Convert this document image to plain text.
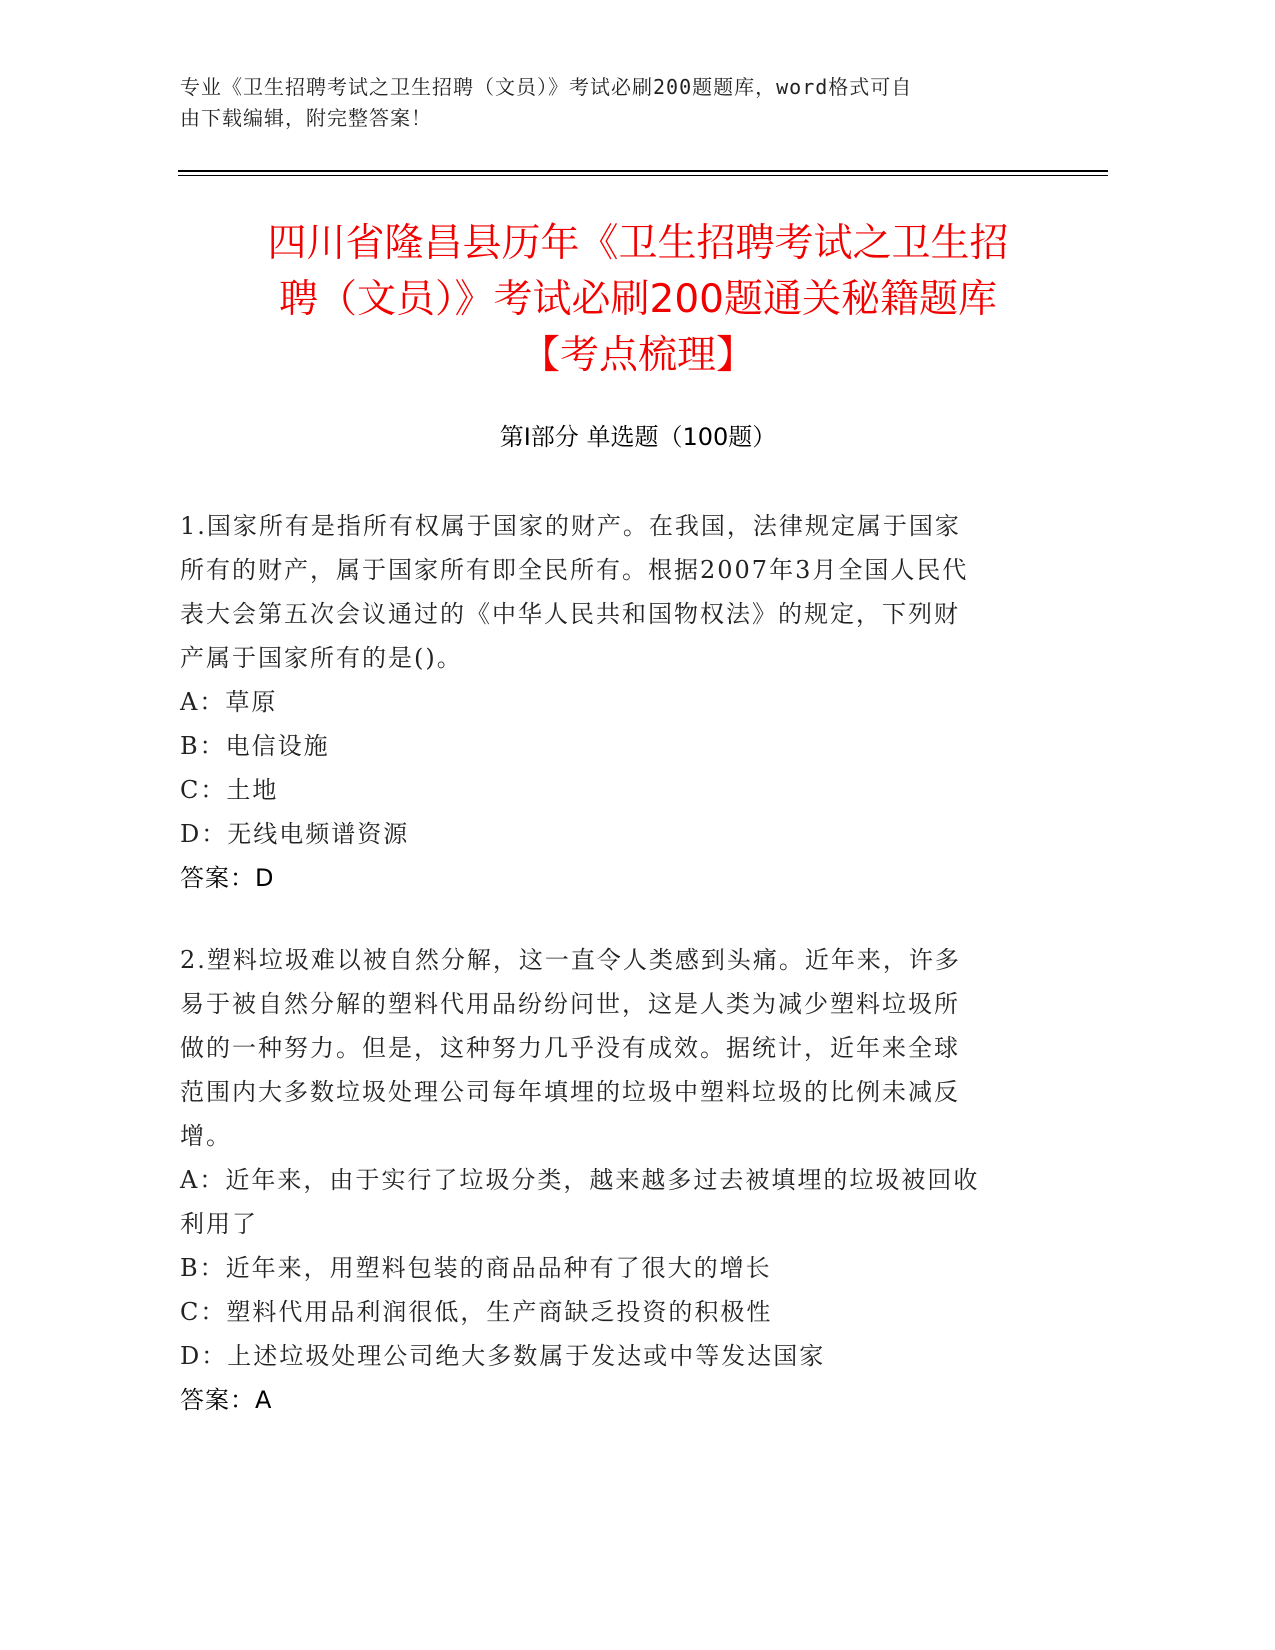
专业《卫生招聘考试之卫生招聘（文员）》考试必刷200题题库，word格式可自
由下载编辑，附完整答案！
四川省隆昌县历年《卫生招聘考试之卫生招
聘（文员）》考试必刷200题通关秘籍题库
【考点梳理】
第Ⅰ部分 单选题（100题）

1.国家所有是指所有权属于国家的财产。在我国，法律规定属于国家

所有的财产，属于国家所有即全民所有。根据2007年3月全国人民代

表大会第五次会议通过的《中华人民共和国物权法》的规定，下列财

产属于国家所有的是()。

A：草原

B：电信设施

C：土地

D：无线电频谱资源

答案：D

2.塑料垃圾难以被自然分解，这一直令人类感到头痛。近年来，许多

易于被自然分解的塑料代用品纷纷问世，这是人类为减少塑料垃圾所

做的一种努力。但是，这种努力几乎没有成效。据统计，近年来全球

范围内大多数垃圾处理公司每年填埋的垃圾中塑料垃圾的比例未减反

增。

A：近年来，由于实行了垃圾分类，越来越多过去被填埋的垃圾被回收

利用了

B：近年来，用塑料包装的商品品种有了很大的增长

C：塑料代用品利润很低，生产商缺乏投资的积极性

D：上述垃圾处理公司绝大多数属于发达或中等发达国家

答案：A
